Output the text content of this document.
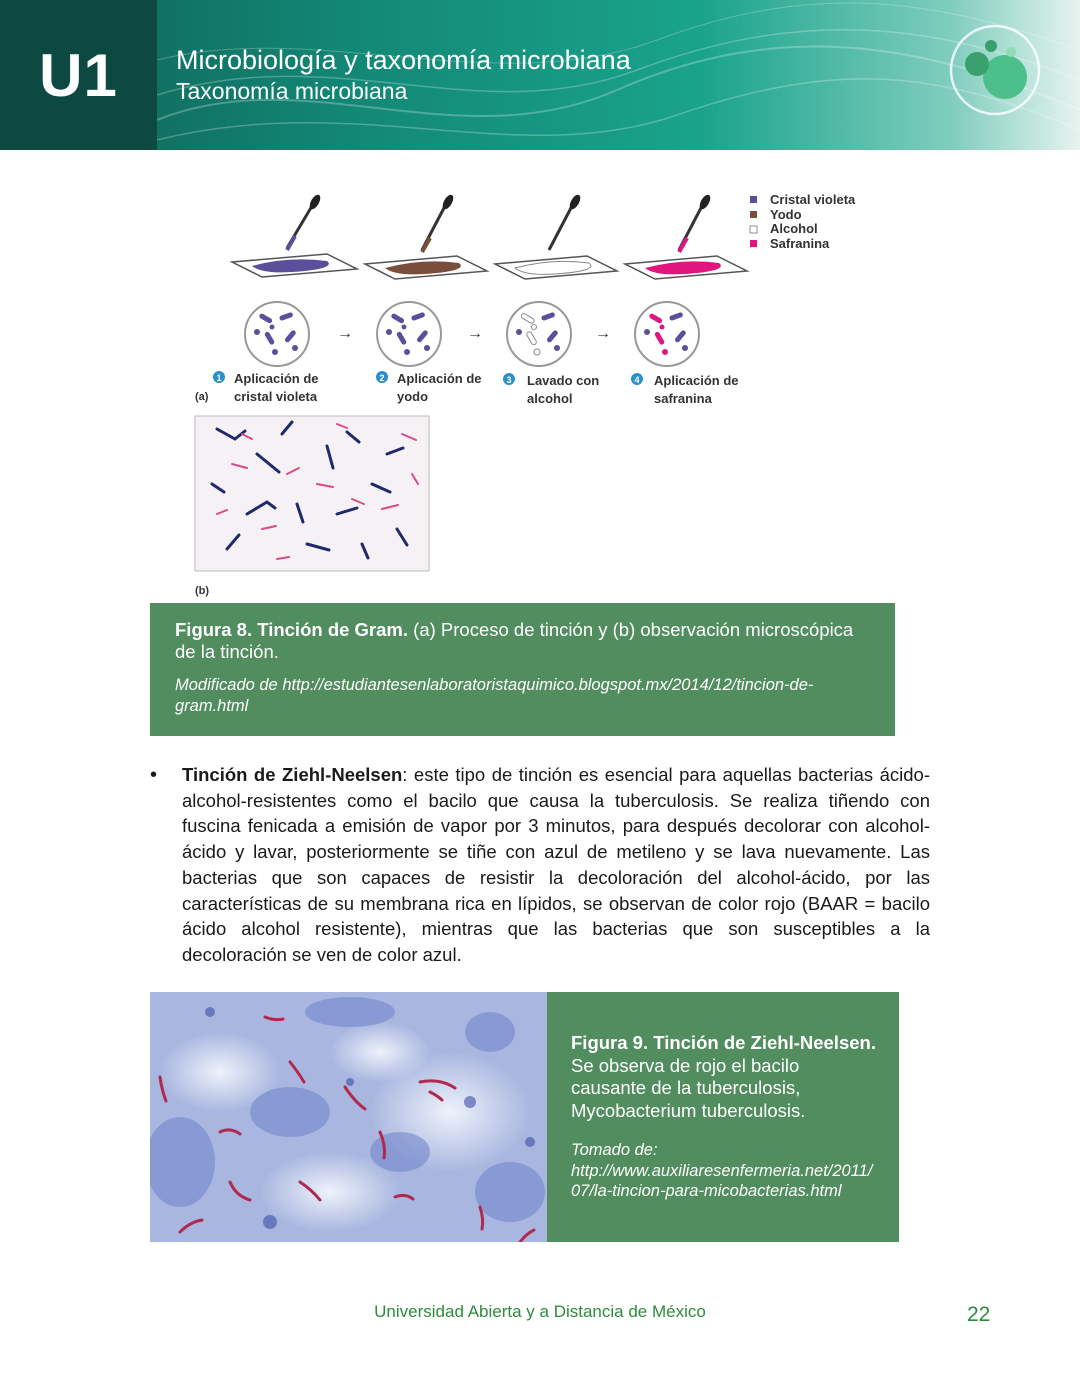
U1 Microbiología y taxonomía microbiana
Taxonomía microbiana
Cristal violeta
Yodo
Alcohol
Safranina
→	→	→
1 Aplicación de
cristal violeta
(a)
2 Aplicación de
yodo
3 Lavado con
alcohol
4 Aplicación de
safranina
(b)
Figura 8. Tinción de Gram. (a) Proceso de tinción y (b) observación microscópica de la tinción.
Modificado de http://estudiantesenlaboratoristaquimico.blogspot.mx/2014/12/tincion-de-gram.html
• Tinción de Ziehl-Neelsen: este tipo de tinción es esencial para aquellas bacterias ácido-alcohol-resistentes como el bacilo que causa la tuberculosis. Se realiza tiñendo con fuscina fenicada a emisión de vapor por 3 minutos, para después decolorar con alcohol-ácido y lavar, posteriormente se tiñe con azul de metileno y se lava nuevamente. Las bacterias que son capaces de resistir la decoloración del alcohol-ácido, por las características de su membrana rica en lípidos, se observan de color rojo (BAAR = bacilo ácido alcohol resistente), mientras que las bacterias que son susceptibles a la decoloración se ven de color azul.

Figura 9. Tinción de Ziehl-Neelsen. Se observa de rojo el bacilo causante de la tuberculosis, Mycobacterium tuberculosis.
Tomado de:
http://www.auxiliaresenfermeria.net/2011/07/la-tincion-para-micobacterias.html
Universidad Abierta y a Distancia de México	22
